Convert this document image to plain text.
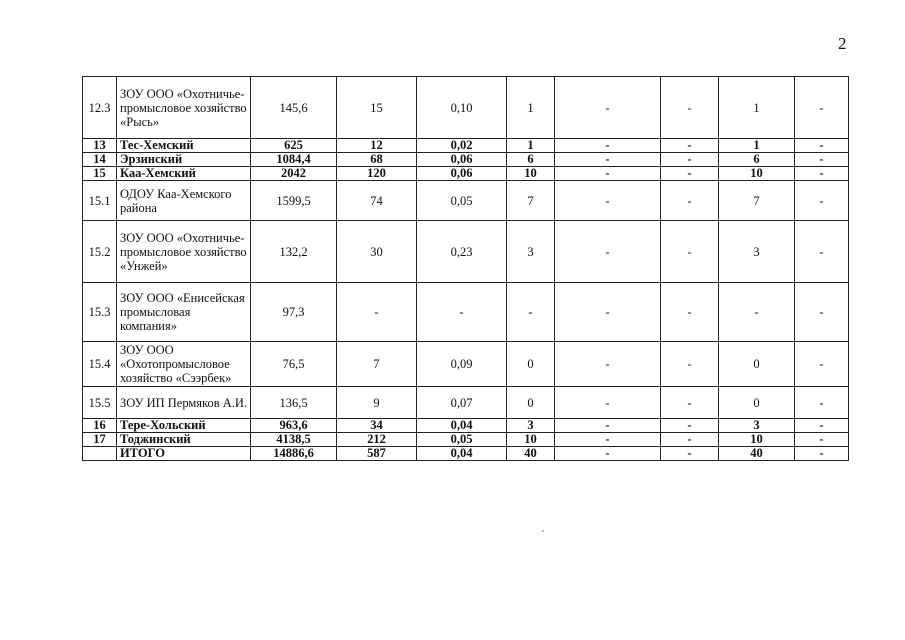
2
12.3	ЗОУ ООО «Охотничье-промысловое хозяйство «Рысь»	145,6	15	0,10	1	-	-	1	-
13	Тес-Хемский	625	12	0,02	1	-	-	1	-
14	Эрзинский	1084,4	68	0,06	6	-	-	6	-
15	Каа-Хемский	2042	120	0,06	10	-	-	10	-
15.1	ОДОУ Каа-Хемского района	1599,5	74	0,05	7	-	-	7	-
15.2	ЗОУ ООО «Охотничье-промысловое хозяйство «Унжей»	132,2	30	0,23	3	-	-	3	-
15.3	ЗОУ ООО «Енисейская промысловая компания»	97,3	-	-	-	-	-	-	-
15.4	ЗОУ ООО «Охотопромысловое хозяйство «Сээрбек»	76,5	7	0,09	0	-	-	0	-
15.5	ЗОУ ИП Пермяков А.И.	136,5	9	0,07	0	-	-	0	-
16	Тере-Хольский	963,6	34	0,04	3	-	-	3	-
17	Тоджинский	4138,5	212	0,05	10	-	-	10	-
	ИТОГО	14886,6	587	0,04	40	-	-	40	-
,
